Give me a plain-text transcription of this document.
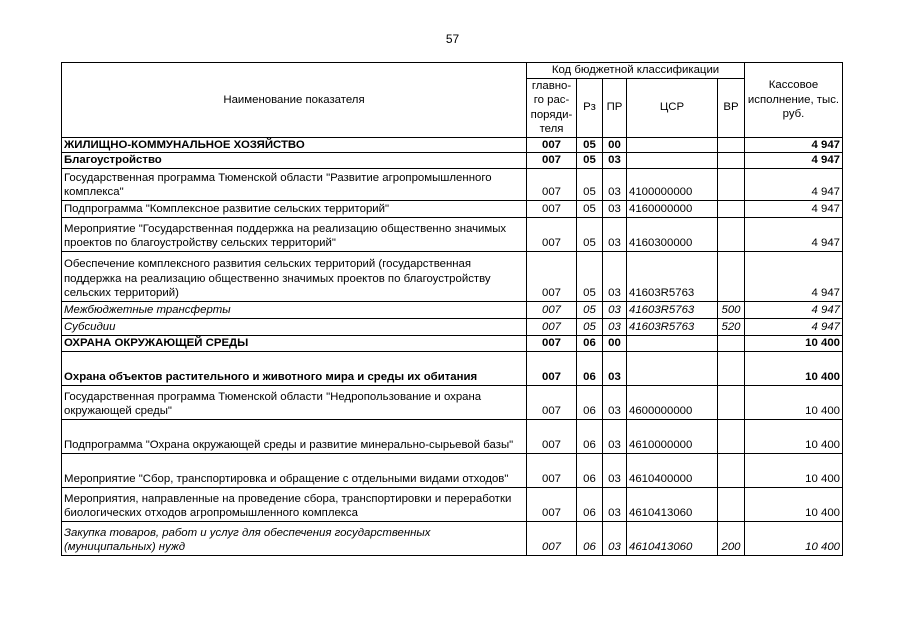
57
Наименование показателя	Код бюджетной классификации					Кассовое исполнение, тыс. руб.
	главно-го рас-поряди-теля	Рз	ПР	ЦСР	ВР	
ЖИЛИЩНО-КОММУНАЛЬНОЕ ХОЗЯЙСТВО	007	05	00			4 947
Благоустройство	007	05	03			4 947
Государственная программа Тюменской области "Развитие агропромышленного комплекса"	007	05	03	4100000000		4 947
Подпрограмма "Комплексное развитие сельских территорий"	007	05	03	4160000000		4 947
Мероприятие "Государственная поддержка на реализацию общественно значимых проектов по благоустройству сельских территорий"	007	05	03	4160300000		4 947
Обеспечение комплексного развития сельских территорий (государственная поддержка на реализацию общественно значимых проектов по благоустройству сельских территорий)	007	05	03	41603R5763		4 947
Межбюджетные трансферты	007	05	03	41603R5763	500	4 947
Субсидии	007	05	03	41603R5763	520	4 947
ОХРАНА ОКРУЖАЮЩЕЙ СРЕДЫ	007	06	00			10 400
Охрана объектов растительного и животного мира и среды их обитания	007	06	03			10 400
Государственная программа Тюменской области "Недропользование и охрана окружающей среды"	007	06	03	4600000000		10 400
Подпрограмма "Охрана окружающей среды и развитие минерально-сырьевой базы"	007	06	03	4610000000		10 400
Мероприятие "Сбор, транспортировка и обращение с отдельными видами отходов"	007	06	03	4610400000		10 400
Мероприятия, направленные на проведение сбора, транспортировки и переработки биологических отходов агропромышленного комплекса	007	06	03	4610413060		10 400
Закупка товаров, работ и услуг для обеспечения государственных (муниципальных) нужд	007	06	03	4610413060	200	10 400
